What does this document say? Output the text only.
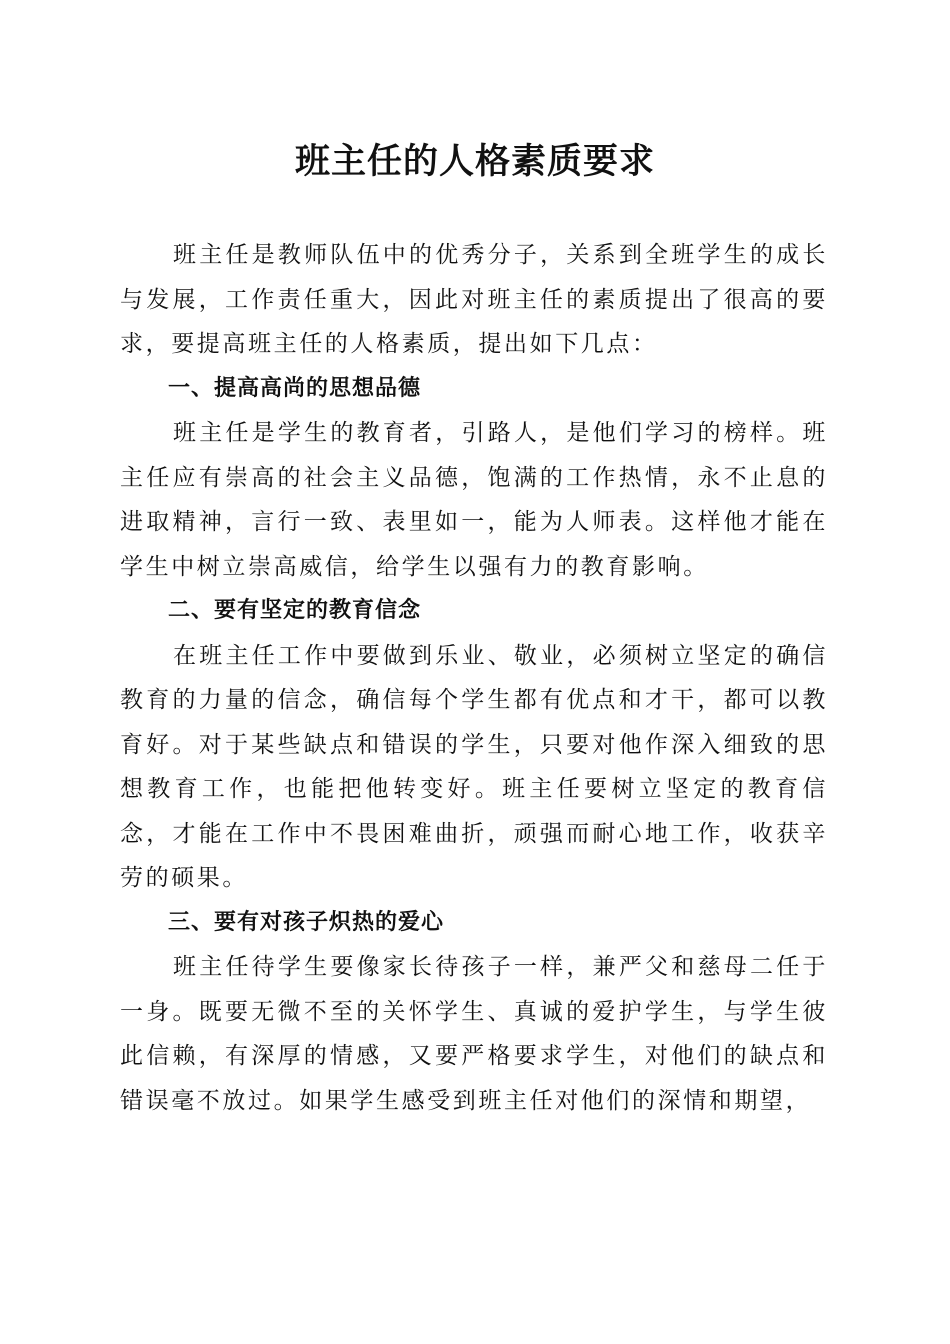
班主任的人格素质要求

班主任是教师队伍中的优秀分子，关系到全班学生的成长与发展，工作责任重大，因此对班主任的素质提出了很高的要求，要提高班主任的人格素质，提出如下几点：

一、提高高尚的思想品德

班主任是学生的教育者，引路人，是他们学习的榜样。班主任应有崇高的社会主义品德，饱满的工作热情，永不止息的进取精神，言行一致、表里如一，能为人师表。这样他才能在学生中树立崇高威信，给学生以强有力的教育影响。

二、要有坚定的教育信念

在班主任工作中要做到乐业、敬业，必须树立坚定的确信教育的力量的信念，确信每个学生都有优点和才干，都可以教育好。对于某些缺点和错误的学生，只要对他作深入细致的思想教育工作，也能把他转变好。班主任要树立坚定的教育信念，才能在工作中不畏困难曲折，顽强而耐心地工作，收获辛劳的硕果。

三、要有对孩子炽热的爱心

班主任待学生要像家长待孩子一样，兼严父和慈母二任于一身。既要无微不至的关怀学生、真诚的爱护学生，与学生彼此信赖，有深厚的情感，又要严格要求学生，对他们的缺点和错误毫不放过。如果学生感受到班主任对他们的深情和期望，
